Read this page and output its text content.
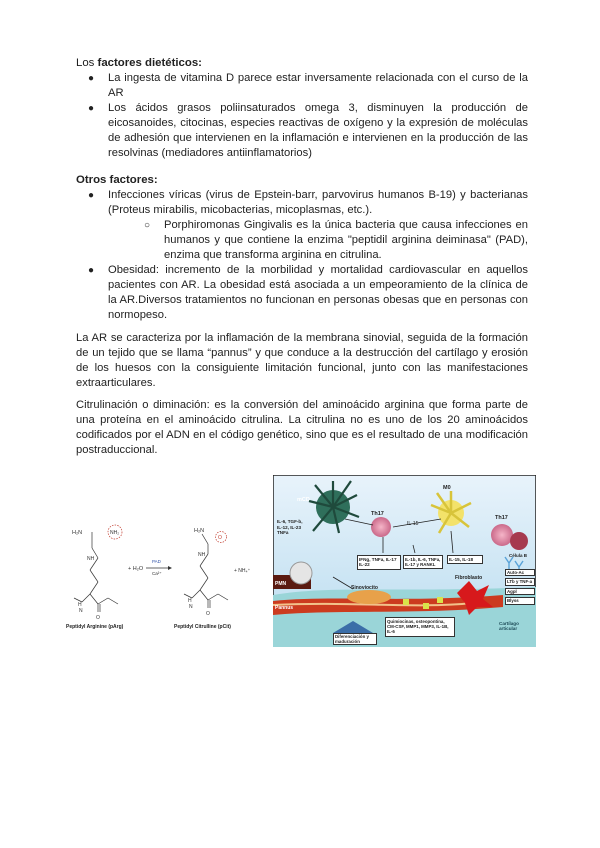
Los factores dietéticos:

● La ingesta de vitamina D parece estar inversamente relacionada con el curso de la AR
● Los ácidos grasos poliinsaturados omega 3, disminuyen la producción de eicosanoides, citocinas, especies reactivas de oxígeno y la expresión de moléculas de adhesión que intervienen en la inflamación e intervienen en la producción de las resolvinas (mediadores antiinflamatorios)

Otros factores:

● Infecciones víricas (virus de Epstein-barr, parvovirus humanos B-19) y bacterianas (Proteus mirabilis, micobacterias, micoplasmas, etc.).
○ Porphiromonas Gingivalis es la única bacteria que causa infecciones en humanos y que contiene la enzima "peptidil arginina deiminasa" (PAD), enzima que transforma arginina en citrulina.
● Obesidad: incremento de la morbilidad y mortalidad cardiovascular en aquellos pacientes con AR. La obesidad está asociada a un empeoramiento de la clínica de la AR.Diversos tratamientos no funcionan en personas obesas que en personas con normopeso.

La AR se caracteriza por la inflamación de la membrana sinovial, seguida de la formación de un tejido que se llama “pannus” y que conduce a la destrucción del cartílago y erosión de los huesos con la consiguiente limitación funcional, junto con las manifestaciones extraarticulares.

Citrulinación o diminación: es la conversión del aminoácido arginina que forma parte de una proteína en el aminoácido citrulina. La citrulina no es uno de los 20 aminoácidos codificados por el ADN en el código genético, sino que es el resultado de una modificación postraduccional.

H₂N	NH₂
NH
H
N
O
+ H₂O
PAD
Ca²⁺
H₂N
O
NH
H
N
O
+ NH₄⁺
Peptidyl Arginine (pArg)	Peptidyl Citrulline (pCit)
mCD
Th17
M0
Th17
IL-15
Célula B
IL-6, TGF-b, IL-12, IL-23 TNFa
IFNg, TNFa, IL-17 IL-22
IL-1b, IL-6, TNFa, IL-17 y RANKL
IL-15, IL-18
Auto-Ac
LTb y TNF-a
Agpl
Blyss
PMN
Sinoviocito
Fibroblasto
Pannus
Cartílago articular
Quimiocinas, osteopontina, CM-CSF, MMP1, MMP3, IL-1B, IL-6
Diferenciación y maduración
